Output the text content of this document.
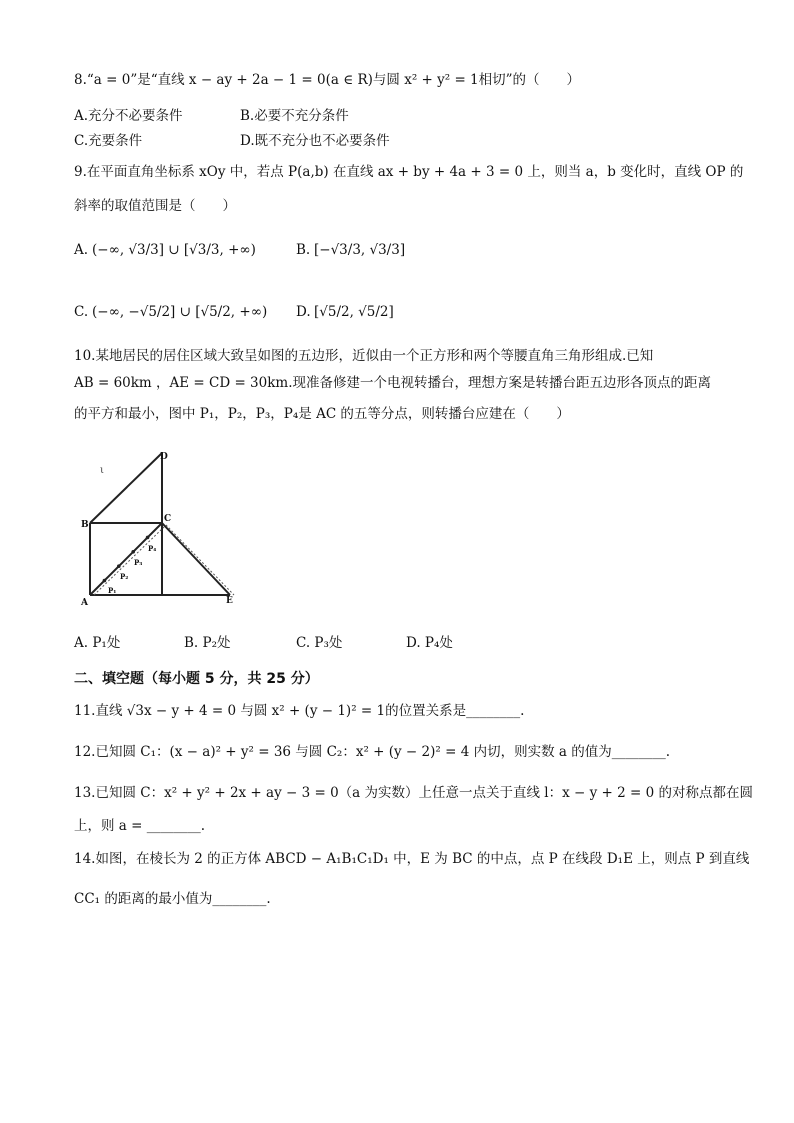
8.“a = 0”是“直线 x − ay + 2a − 1 = 0(a ∈ R)与圆 x² + y² = 1相切”的（　　）
A.充分不必要条件	B.必要不充分条件
C.充要条件	D.既不充分也不必要条件
9.在平面直角坐标系 xOy 中，若点 P(a,b) 在直线 ax + by + 4a + 3 = 0 上，则当 a，b 变化时，直线 OP 的
斜率的取值范围是（　　）
A. (−∞, √3/3] ∪ [√3/3, +∞)	B. [−√3/3, √3/3]
C. (−∞, −√5/2] ∪ [√5/2, +∞) D. [√5/2, √5/2]
10.某地居民的居住区域大致呈如图的五边形，近似由一个正方形和两个等腰直角三角形组成.已知
AB = 60km ，AE = CD = 30km.现准备修建一个电视转播台，理想方案是转播台距五边形各顶点的距离
的平方和最小，图中 P₁，P₂，P₃，P₄是 AC 的五等分点，则转播台应建在（　　）
A
B
C
D
E
P₁
P₂
P₃
P₄
ι
A. P₁处	B. P₂处	C. P₃处	D. P₄处
二、填空题（每小题 5 分，共 25 分）
11.直线 √3x − y + 4 = 0 与圆 x² + (y − 1)² = 1的位置关系是________.
12.已知圆 C₁：(x − a)² + y² = 36 与圆 C₂：x² + (y − 2)² = 4 内切，则实数 a 的值为________.
13.已知圆 C：x² + y² + 2x + ay − 3 = 0（a 为实数）上任意一点关于直线 l：x − y + 2 = 0 的对称点都在圆
上，则 a = ________.
14.如图，在棱长为 2 的正方体 ABCD − A₁B₁C₁D₁ 中，E 为 BC 的中点，点 P 在线段 D₁E 上，则点 P 到直线
CC₁ 的距离的最小值为________.
